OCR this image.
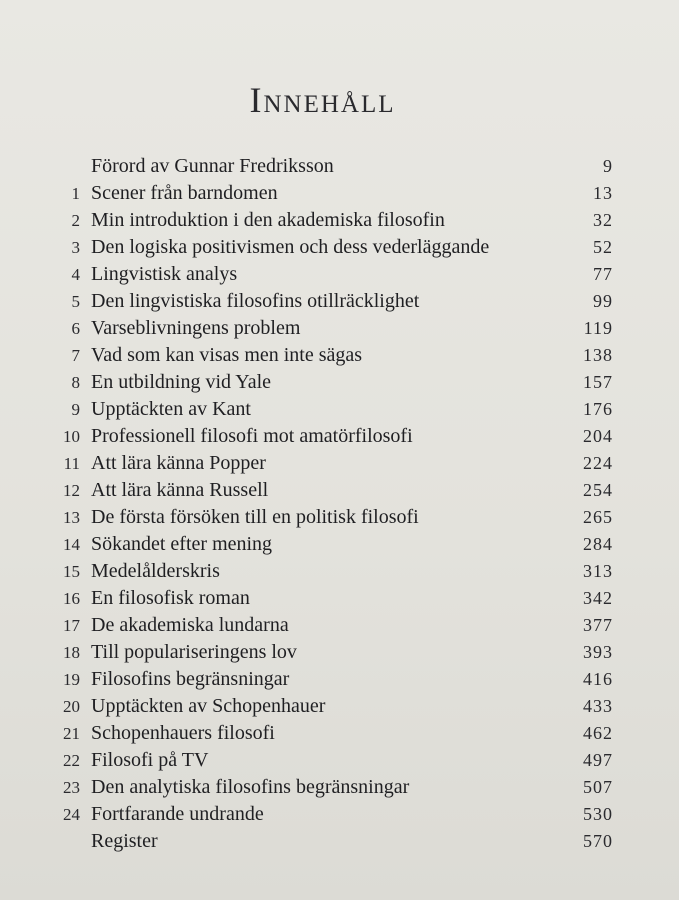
Innehåll
Förord av Gunnar Fredriksson	9
1 Scener från barndomen	13
2 Min introduktion i den akademiska filosofin	32
3 Den logiska positivismen och dess vederläggande	52
4 Lingvistisk analys	77
5 Den lingvistiska filosofins otillräcklighet	99
6 Varseblivningens problem	119
7 Vad som kan visas men inte sägas	138
8 En utbildning vid Yale	157
9 Upptäckten av Kant	176
10 Professionell filosofi mot amatörfilosofi	204
11 Att lära känna Popper	224
12 Att lära känna Russell	254
13 De första försöken till en politisk filosofi	265
14 Sökandet efter mening	284
15 Medelålderskris	313
16 En filosofisk roman	342
17 De akademiska lundarna	377
18 Till populariseringens lov	393
19 Filosofins begränsningar	416
20 Upptäckten av Schopenhauer	433
21 Schopenhauers filosofi	462
22 Filosofi på TV	497
23 Den analytiska filosofins begränsningar	507
24 Fortfarande undrande	530
Register	570
